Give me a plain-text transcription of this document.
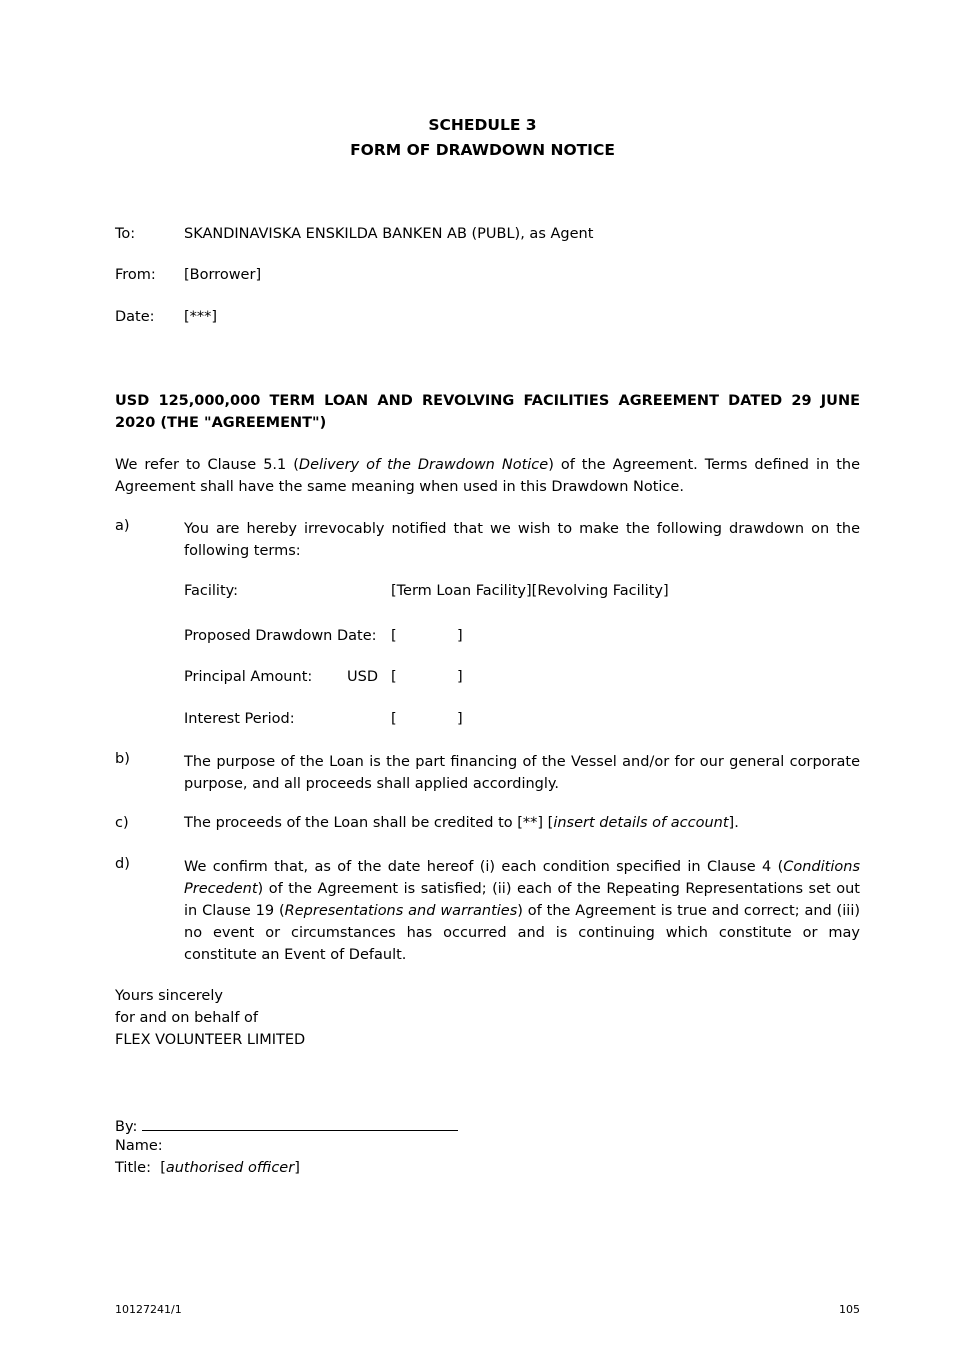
SCHEDULE 3
FORM OF DRAWDOWN NOTICE
To:	SKANDINAVISKA ENSKILDA BANKEN AB (PUBL), as Agent
From: [Borrower]
Date: [***]
USD 125,000,000 TERM LOAN AND REVOLVING FACILITIES AGREEMENT DATED 29 JUNE
2020 (THE "AGREEMENT")
We refer to Clause 5.1 (Delivery of the Drawdown Notice) of the Agreement. Terms defined in the Agreement shall have the same meaning when used in this Drawdown Notice.
a)	You are hereby irrevocably notified that we wish to make the following drawdown on the following terms:
Facility:	[Term Loan Facility][Revolving Facility]
Proposed Drawdown Date: [	]
Principal Amount: USD [	]
Interest Period:	[	]
b)	The purpose of the Loan is the part financing of the Vessel and/or for our general corporate purpose, and all proceeds shall applied accordingly.
c)	The proceeds of the Loan shall be credited to [**] [insert details of account].
d)	We confirm that, as of the date hereof (i) each condition specified in Clause 4 (Conditions Precedent) of the Agreement is satisfied; (ii) each of the Repeating Representations set out in Clause 19 (Representations and warranties) of the Agreement is true and correct; and (iii) no event or circumstances has occurred and is continuing which constitute or may constitute an Event of Default.
Yours sincerely
for and on behalf of
FLEX VOLUNTEER LIMITED
By:
Name:
Title: [authorised officer]
10127241/1	105
